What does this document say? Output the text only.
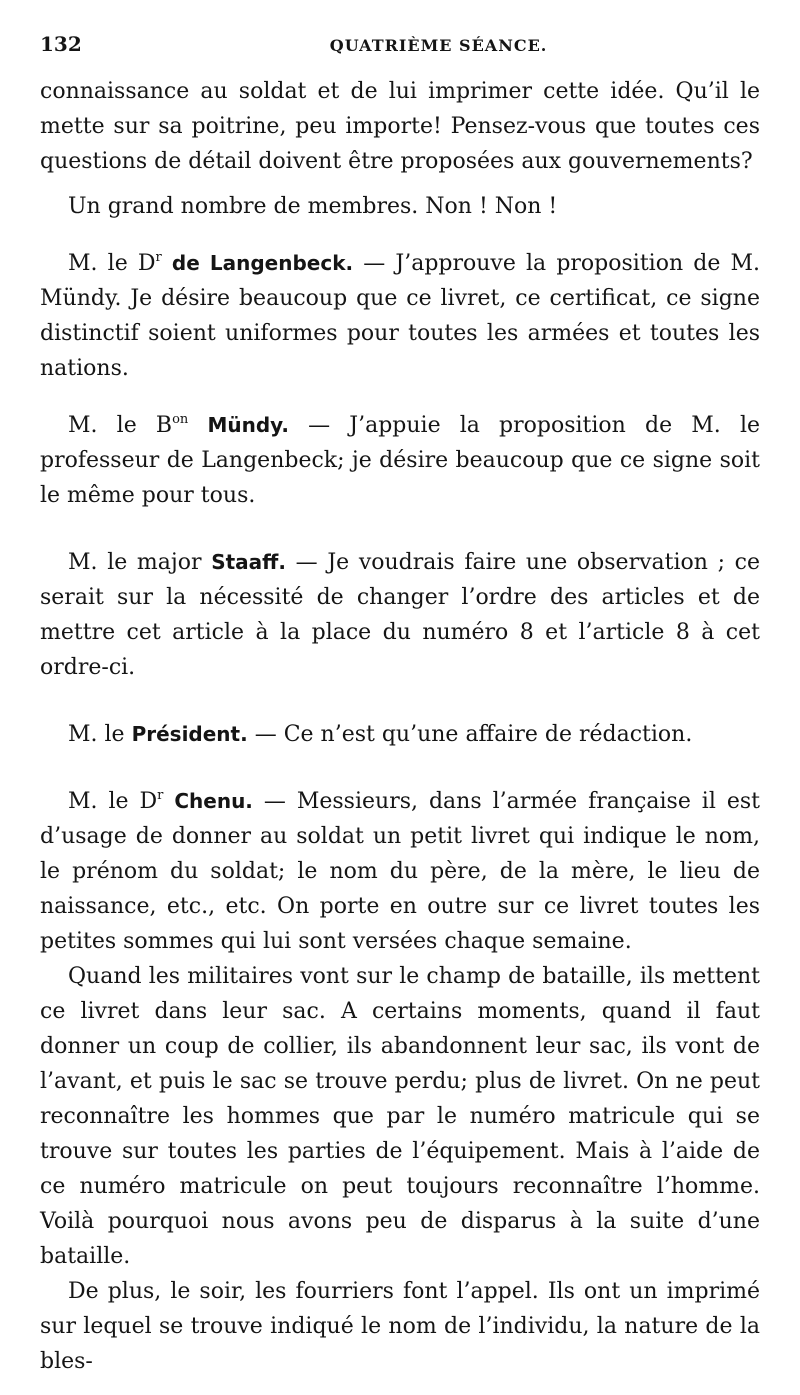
132	QUATRIÈME SÉANCE.

connaissance au soldat et de lui imprimer cette idée. Qu’il le mette sur sa poitrine, peu importe! Pensez-vous que toutes ces questions de détail doivent être proposées aux gouvernements?

Un grand nombre de membres. Non ! Non !

M. le $D^r$ de Langenbeck. — J’approuve la proposition de M. Mündy. Je désire beaucoup que ce livret, ce certificat, ce signe distinctif soient uniformes pour toutes les armées et toutes les nations.

M. le $B^{on}$ Mündy. — J’appuie la proposition de M. le professeur de Langenbeck; je désire beaucoup que ce signe soit le même pour tous.

M. le major Staaff. — Je voudrais faire une observation ; ce serait sur la nécessité de changer l’ordre des articles et de mettre cet article à la place du numéro 8 et l’article 8 à cet ordre-ci.

M. le Président. — Ce n’est qu’une affaire de rédaction.

M. le $D^r$ Chenu. — Messieurs, dans l’armée française il est d’usage de donner au soldat un petit livret qui indique le nom, le prénom du soldat; le nom du père, de la mère, le lieu de naissance, etc., etc. On porte en outre sur ce livret toutes les petites sommes qui lui sont versées chaque semaine.

Quand les militaires vont sur le champ de bataille, ils mettent ce livret dans leur sac. A certains moments, quand il faut donner un coup de collier, ils abandonnent leur sac, ils vont de l’avant, et puis le sac se trouve perdu; plus de livret. On ne peut reconnaître les hommes que par le numéro matricule qui se trouve sur toutes les parties de l’équipement. Mais à l’aide de ce numéro matricule on peut toujours reconnaître l’homme. Voilà pourquoi nous avons peu de disparus à la suite d’une bataille.

De plus, le soir, les fourriers font l’appel. Ils ont un imprimé sur lequel se trouve indiqué le nom de l’individu, la nature de la bles-
